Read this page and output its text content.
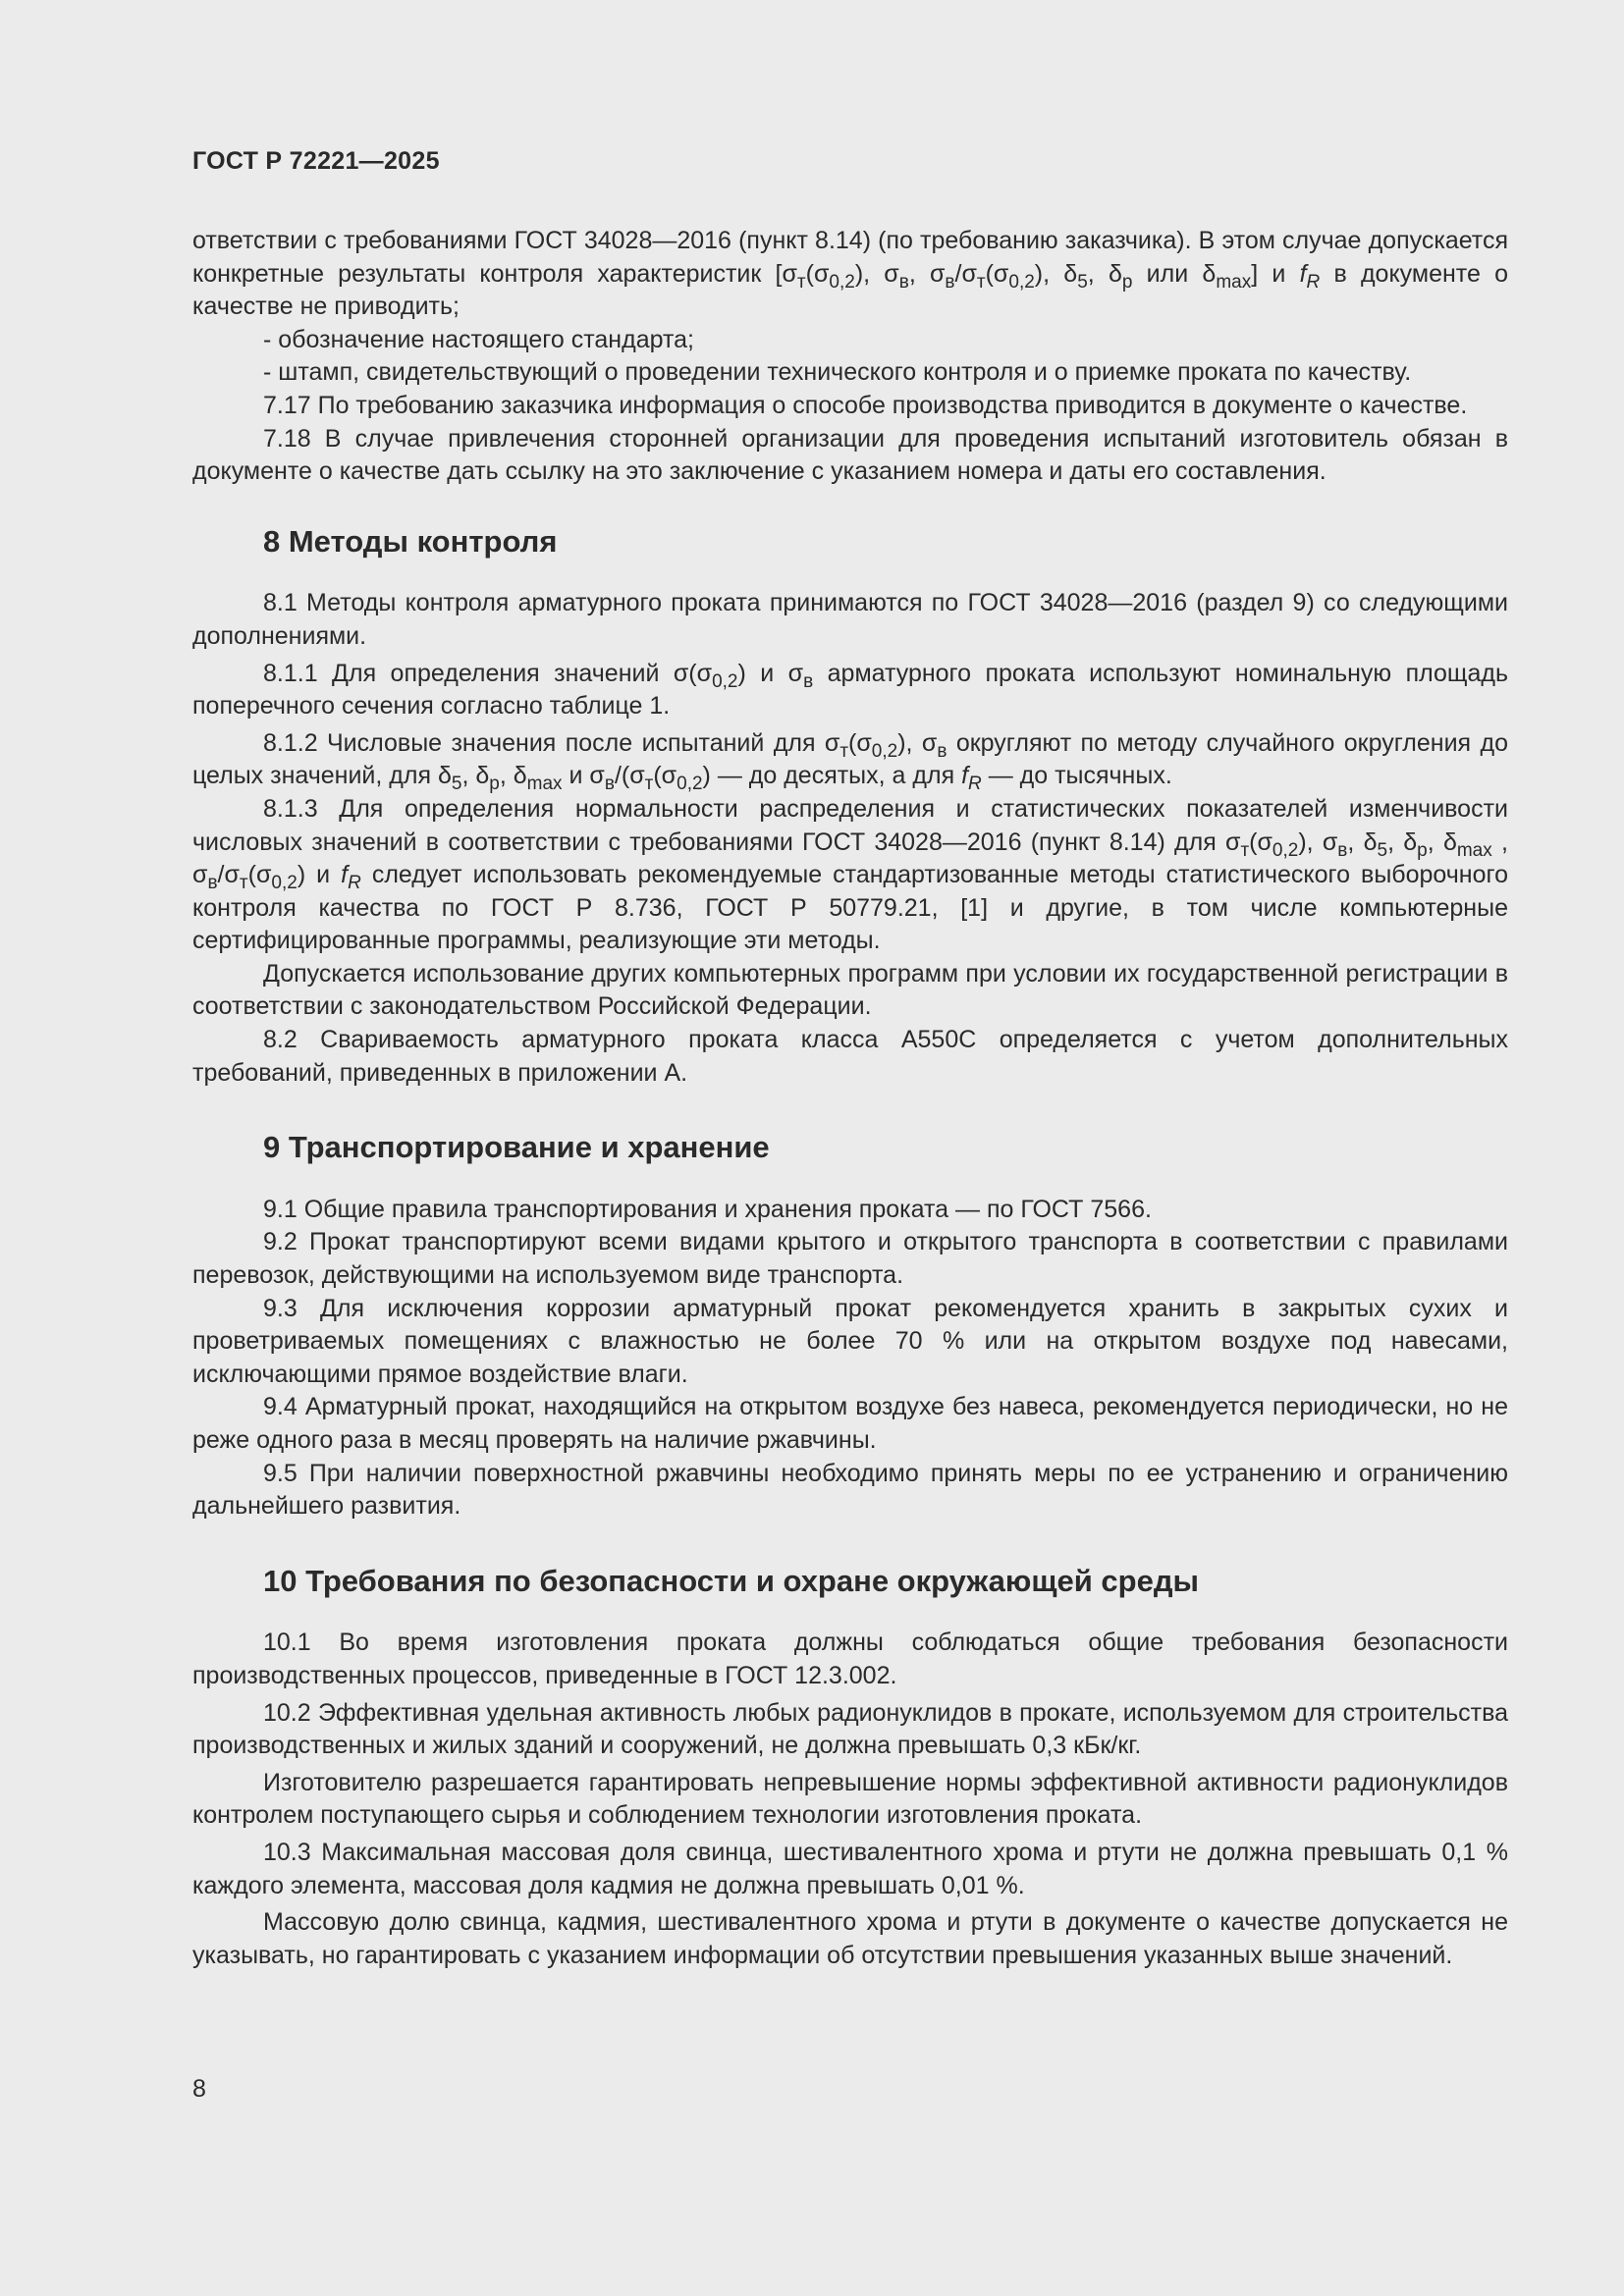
ГОСТ Р 72221—2025

ответствии с требованиями ГОСТ 34028—2016 (пункт 8.14) (по требованию заказчика). В этом случае допускается конкретные результаты контроля характеристик [$\sigma_т(\sigma_{0,2})$, $\sigma_в$, $\sigma_в/\sigma_т(\sigma_{0,2})$, $\delta_5$, $\delta_р$ или $\delta_{max}$] и $f_R$ в документе о качестве не приводить;

- обозначение настоящего стандарта;

- штамп, свидетельствующий о проведении технического контроля и о приемке проката по качеству.

7.17 По требованию заказчика информация о способе производства приводится в документе о качестве.

7.18 В случае привлечения сторонней организации для проведения испытаний изготовитель обязан в документе о качестве дать ссылку на это заключение с указанием номера и даты его составления.

8 Методы контроля

8.1 Методы контроля арматурного проката принимаются по ГОСТ 34028—2016 (раздел 9) со следующими дополнениями.

8.1.1 Для определения значений $\sigma(\sigma_{0,2})$ и $\sigma_в$ арматурного проката используют номинальную площадь поперечного сечения согласно таблице 1.

8.1.2 Числовые значения после испытаний для $\sigma_т(\sigma_{0,2})$, $\sigma_в$ округляют по методу случайного округления до целых значений, для $\delta_5$, $\delta_р$, $\delta_{max}$ и $\sigma_в/(\sigma_т(\sigma_{0,2})$ — до десятых, а для $f_R$ — до тысячных.

8.1.3 Для определения нормальности распределения и статистических показателей изменчивости числовых значений в соответствии с требованиями ГОСТ 34028—2016 (пункт 8.14) для $\sigma_т(\sigma_{0,2})$, $\sigma_в$, $\delta_5$, $\delta_р$, $\delta_{max}$ , $\sigma_в/\sigma_т(\sigma_{0,2})$ и $f_R$ следует использовать рекомендуемые стандартизованные методы статистического выборочного контроля качества по ГОСТ Р 8.736, ГОСТ Р 50779.21, [1] и другие, в том числе компьютерные сертифицированные программы, реализующие эти методы.

Допускается использование других компьютерных программ при условии их государственной регистрации в соответствии с законодательством Российской Федерации.

8.2 Свариваемость арматурного проката класса А550С определяется с учетом дополнительных требований, приведенных в приложении А.

9 Транспортирование и хранение

9.1 Общие правила транспортирования и хранения проката — по ГОСТ 7566.

9.2 Прокат транспортируют всеми видами крытого и открытого транспорта в соответствии с правилами перевозок, действующими на используемом виде транспорта.

9.3 Для исключения коррозии арматурный прокат рекомендуется хранить в закрытых сухих и проветриваемых помещениях с влажностью не более 70 % или на открытом воздухе под навесами, исключающими прямое воздействие влаги.

9.4 Арматурный прокат, находящийся на открытом воздухе без навеса, рекомендуется периодически, но не реже одного раза в месяц проверять на наличие ржавчины.

9.5 При наличии поверхностной ржавчины необходимо принять меры по ее устранению и ограничению дальнейшего развития.

10 Требования по безопасности и охране окружающей среды

10.1 Во время изготовления проката должны соблюдаться общие требования безопасности производственных процессов, приведенные в ГОСТ 12.3.002.

10.2 Эффективная удельная активность любых радионуклидов в прокате, используемом для строительства производственных и жилых зданий и сооружений, не должна превышать 0,3 кБк/кг.

Изготовителю разрешается гарантировать непревышение нормы эффективной активности радионуклидов контролем поступающего сырья и соблюдением технологии изготовления проката.

10.3 Максимальная массовая доля свинца, шестивалентного хрома и ртути не должна превышать 0,1 % каждого элемента, массовая доля кадмия не должна превышать 0,01 %.

Массовую долю свинца, кадмия, шестивалентного хрома и ртути в документе о качестве допускается не указывать, но гарантировать с указанием информации об отсутствии превышения указанных выше значений.

8
